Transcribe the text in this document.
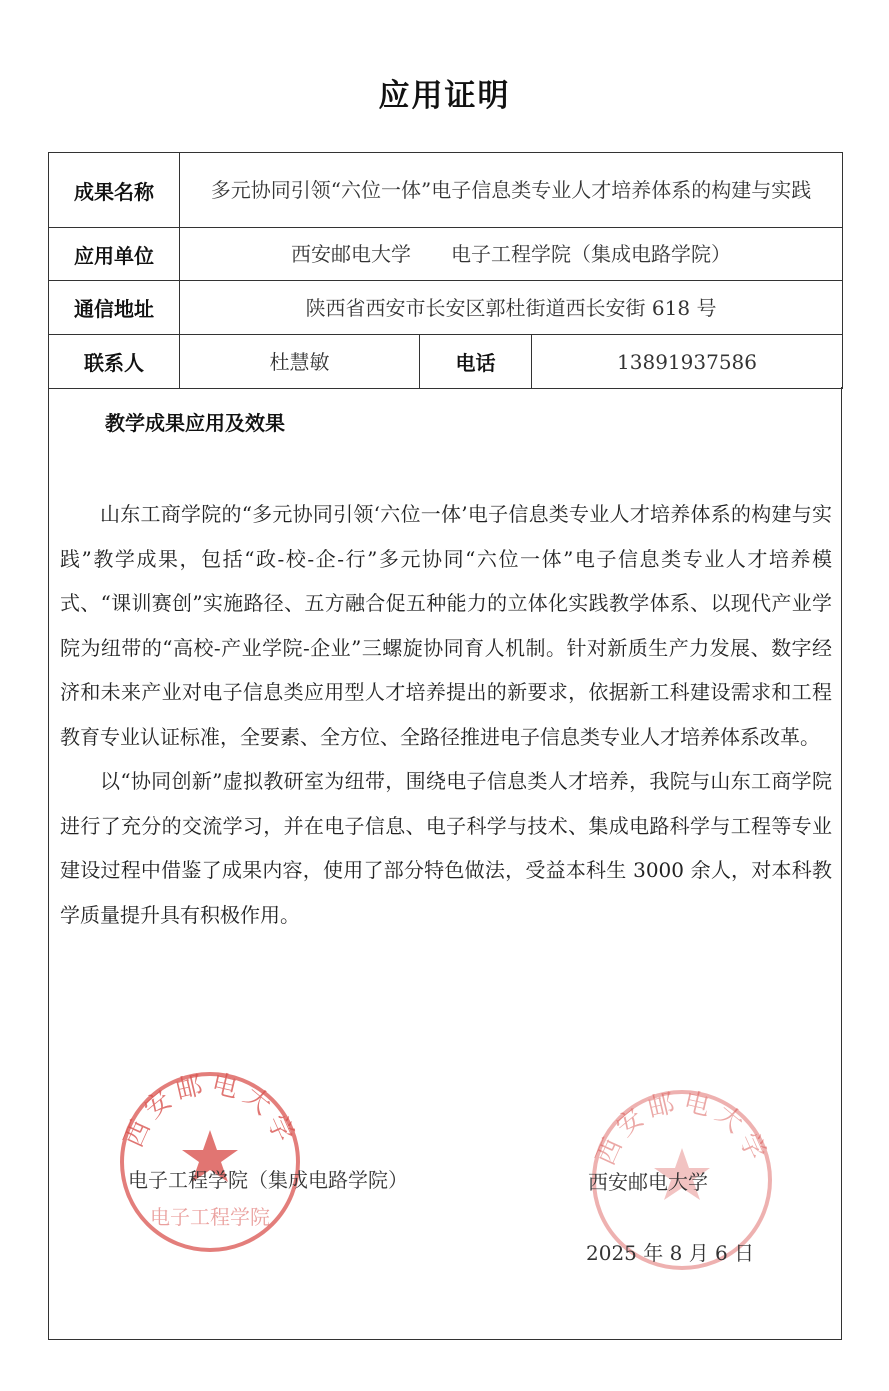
应用证明
成果名称	多元协同引领“六位一体”电子信息类专业人才培养体系的构建与实践		
应用单位	西安邮电大学 电子工程学院（集成电路学院）		
通信地址	陕西省西安市长安区郭杜街道西长安街 618 号		
联系人	杜慧敏	电话	13891937586
教学成果应用及效果

山东工商学院的“多元协同引领‘六位一体’电子信息类专业人才培养体系的构建与实践”教学成果，包括“政-校-企-行”多元协同“六位一体”电子信息类专业人才培养模式、“课训赛创”实施路径、五方融合促五种能力的立体化实践教学体系、以现代产业学院为纽带的“高校-产业学院-企业”三螺旋协同育人机制。针对新质生产力发展、数字经济和未来产业对电子信息类应用型人才培养提出的新要求，依据新工科建设需求和工程教育专业认证标准，全要素、全方位、全路径推进电子信息类专业人才培养体系改革。

以“协同创新”虚拟教研室为纽带，围绕电子信息类人才培养，我院与山东工商学院进行了充分的交流学习，并在电子信息、电子科学与技术、集成电路科学与工程等专业建设过程中借鉴了成果内容，使用了部分特色做法，受益本科生 3000 余人，对本科教学质量提升具有积极作用。

西安邮电大学
电子工程学院
西安邮电大学
电子工程学院（集成电路学院）	西安邮电大学
2025 年 8 月 6 日
